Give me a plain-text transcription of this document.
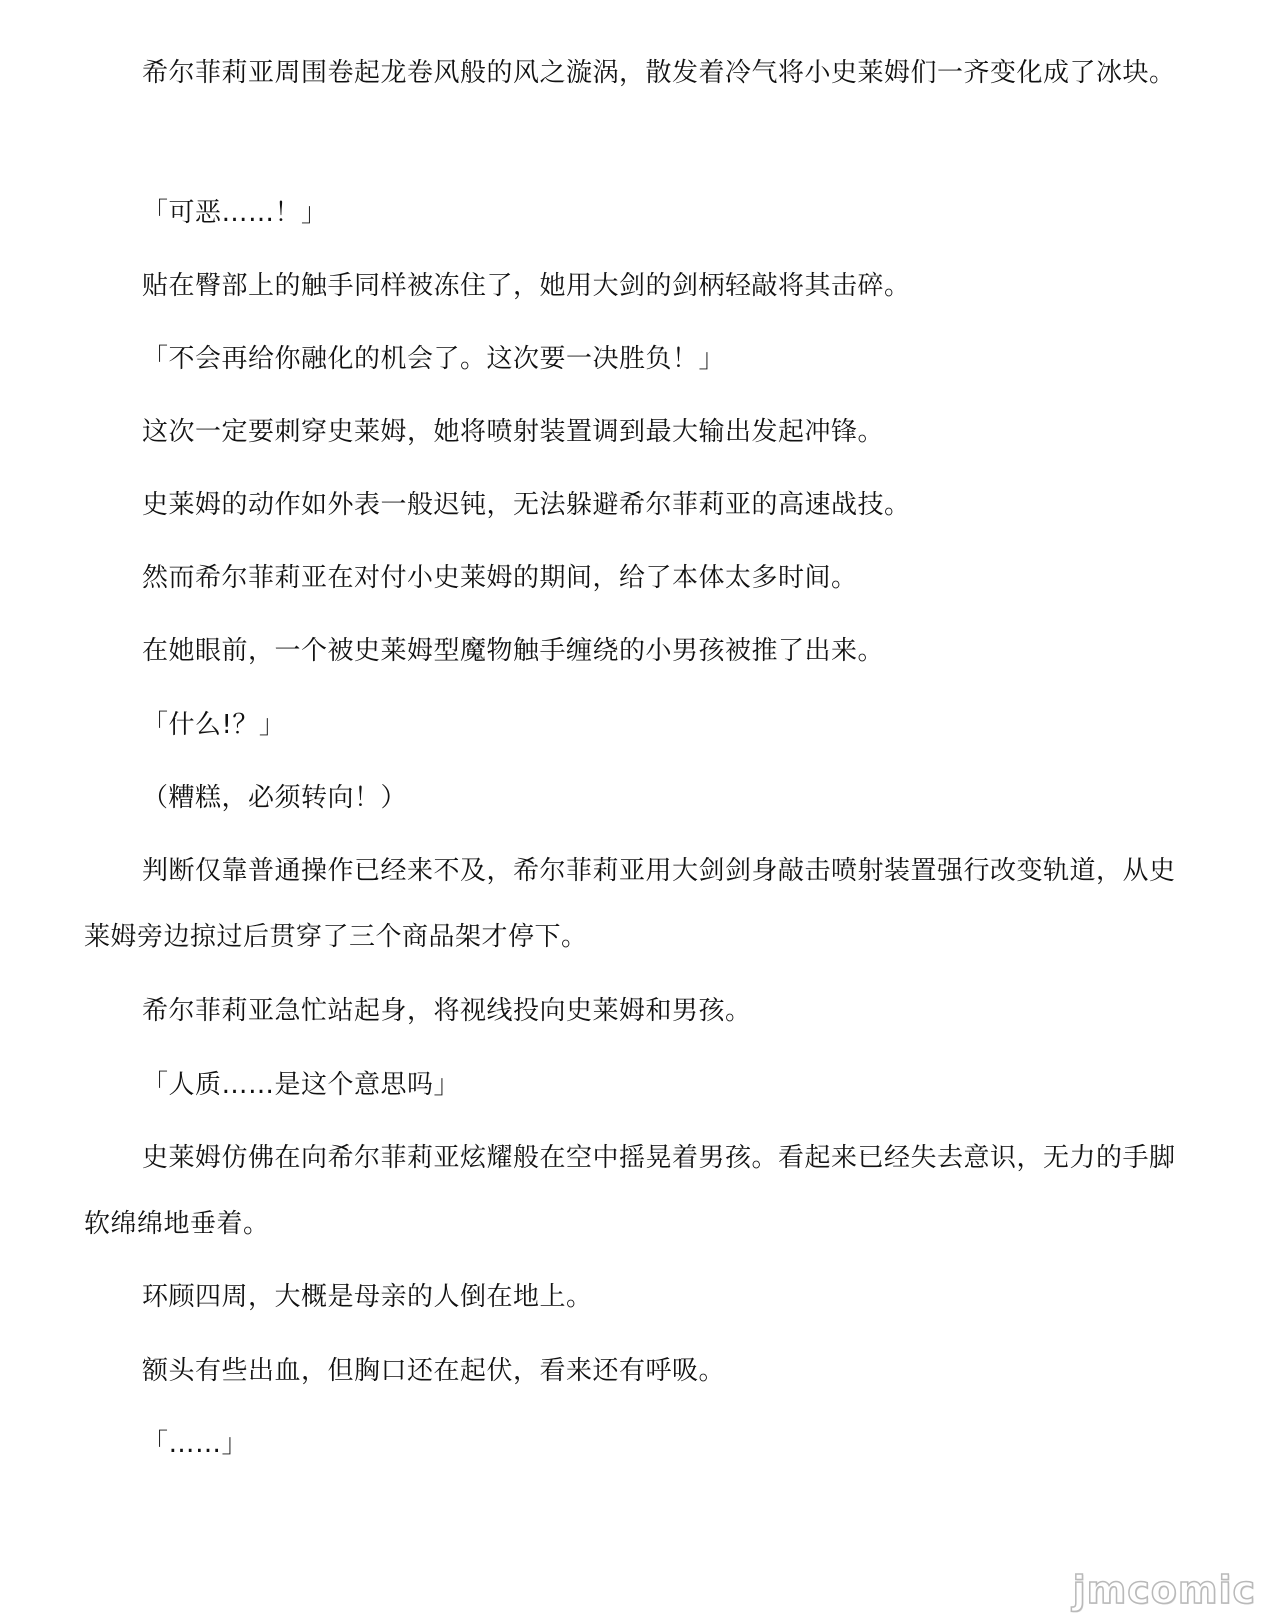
希尔菲莉亚周围卷起龙卷风般的风之漩涡，散发着冷气将小史莱姆们一齐变化成了冰块。

「可恶……！」

贴在臀部上的触手同样被冻住了，她用大剑的剑柄轻敲将其击碎。

「不会再给你融化的机会了。这次要一决胜负！」

这次一定要刺穿史莱姆，她将喷射装置调到最大输出发起冲锋。

史莱姆的动作如外表一般迟钝，无法躲避希尔菲莉亚的高速战技。

然而希尔菲莉亚在对付小史莱姆的期间，给了本体太多时间。

在她眼前，一个被史莱姆型魔物触手缠绕的小男孩被推了出来。

「什么!？」

（糟糕，必须转向！）

判断仅靠普通操作已经来不及，希尔菲莉亚用大剑剑身敲击喷射装置强行改变轨道，从史莱姆旁边掠过后贯穿了三个商品架才停下。

希尔菲莉亚急忙站起身，将视线投向史莱姆和男孩。

「人质……是这个意思吗」

史莱姆仿佛在向希尔菲莉亚炫耀般在空中摇晃着男孩。看起来已经失去意识，无力的手脚软绵绵地垂着。

环顾四周，大概是母亲的人倒在地上。

额头有些出血，但胸口还在起伏，看来还有呼吸。

「……」

jmcomic
